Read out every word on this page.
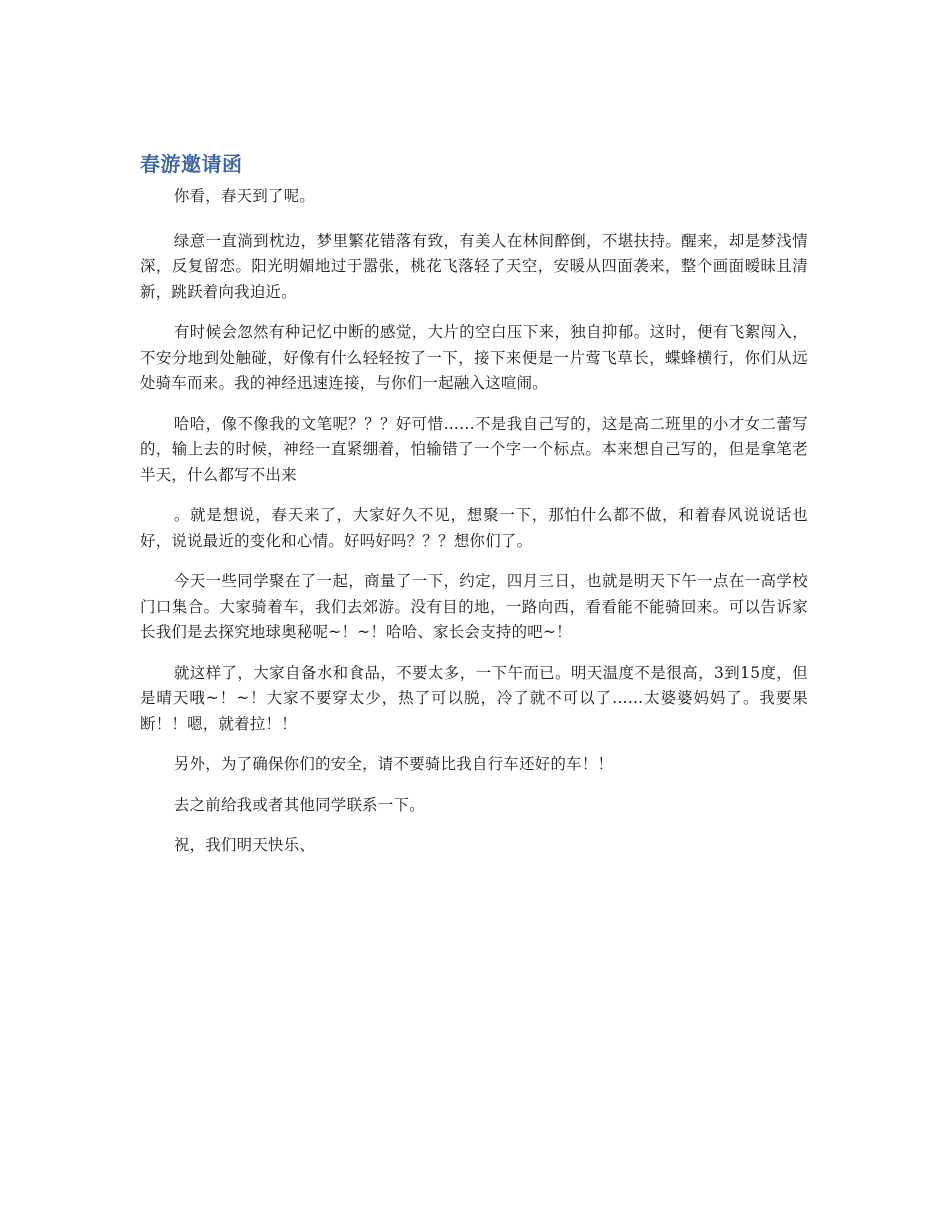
春游邀请函

你看，春天到了呢。

绿意一直淌到枕边，梦里繁花错落有致，有美人在林间醉倒，不堪扶持。醒来，却是梦浅情深，反复留恋。阳光明媚地过于嚣张，桃花飞落轻了天空，安暖从四面袭来，整个画面暧昧且清新，跳跃着向我迫近。

有时候会忽然有种记忆中断的感觉，大片的空白压下来，独自抑郁。这时，便有飞絮闯入，不安分地到处触碰，好像有什么轻轻按了一下，接下来便是一片莺飞草长，蝶蜂横行，你们从远处骑车而来。我的神经迅速连接，与你们一起融入这喧闹。

哈哈，像不像我的文笔呢？？？好可惜……不是我自己写的，这是高二班里的小才女二蕾写的，输上去的时候，神经一直紧绷着，怕输错了一个字一个标点。本来想自己写的，但是拿笔老半天，什么都写不出来

。就是想说，春天来了，大家好久不见，想聚一下，那怕什么都不做，和着春风说说话也好，说说最近的变化和心情。好吗好吗？？？想你们了。

今天一些同学聚在了一起，商量了一下，约定，四月三日，也就是明天下午一点在一高学校门口集合。大家骑着车，我们去郊游。没有目的地，一路向西，看看能不能骑回来。可以告诉家长我们是去探究地球奥秘呢~！~！哈哈、家长会支持的吧~！

就这样了，大家自备水和食品，不要太多，一下午而已。明天温度不是很高，3到15度，但是晴天哦~！~！大家不要穿太少，热了可以脱，冷了就不可以了……太婆婆妈妈了。我要果断！！嗯，就着拉！！

另外，为了确保你们的安全，请不要骑比我自行车还好的车！！

去之前给我或者其他同学联系一下。

祝，我们明天快乐、
